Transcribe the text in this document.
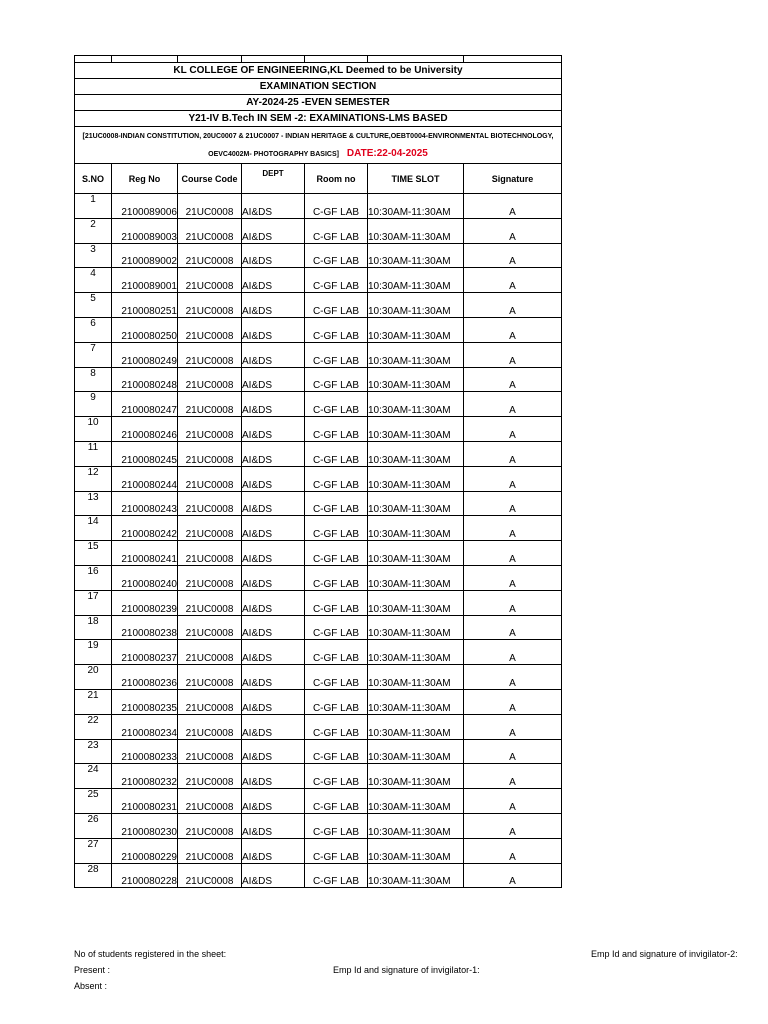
KL COLLEGE OF ENGINEERING,KL Deemed to be University						
EXAMINATION SECTION						
AY-2024-25 -EVEN SEMESTER						
Y21-IV B.Tech IN SEM -2: EXAMINATIONS-LMS BASED						
[21UC0008-INDIAN CONSTITUTION, 20UC0007 & 21UC0007 - INDIAN HERITAGE & CULTURE,OEBT0004-ENVIRONMENTAL BIOTECHNOLOGY,
OEVC4002M- PHOTOGRAPHY BASICS] DATE:22-04-2025						
S.NO	Reg No	Course Code	DEPT	Room no	TIME SLOT	Signature
1	2100089006	21UC0008	AI&DS	C-GF LAB	10:30AM-11:30AM	A
2	2100089003	21UC0008	AI&DS	C-GF LAB	10:30AM-11:30AM	A
3	2100089002	21UC0008	AI&DS	C-GF LAB	10:30AM-11:30AM	A
4	2100089001	21UC0008	AI&DS	C-GF LAB	10:30AM-11:30AM	A
5	2100080251	21UC0008	AI&DS	C-GF LAB	10:30AM-11:30AM	A
6	2100080250	21UC0008	AI&DS	C-GF LAB	10:30AM-11:30AM	A
7	2100080249	21UC0008	AI&DS	C-GF LAB	10:30AM-11:30AM	A
8	2100080248	21UC0008	AI&DS	C-GF LAB	10:30AM-11:30AM	A
9	2100080247	21UC0008	AI&DS	C-GF LAB	10:30AM-11:30AM	A
10	2100080246	21UC0008	AI&DS	C-GF LAB	10:30AM-11:30AM	A
11	2100080245	21UC0008	AI&DS	C-GF LAB	10:30AM-11:30AM	A
12	2100080244	21UC0008	AI&DS	C-GF LAB	10:30AM-11:30AM	A
13	2100080243	21UC0008	AI&DS	C-GF LAB	10:30AM-11:30AM	A
14	2100080242	21UC0008	AI&DS	C-GF LAB	10:30AM-11:30AM	A
15	2100080241	21UC0008	AI&DS	C-GF LAB	10:30AM-11:30AM	A
16	2100080240	21UC0008	AI&DS	C-GF LAB	10:30AM-11:30AM	A
17	2100080239	21UC0008	AI&DS	C-GF LAB	10:30AM-11:30AM	A
18	2100080238	21UC0008	AI&DS	C-GF LAB	10:30AM-11:30AM	A
19	2100080237	21UC0008	AI&DS	C-GF LAB	10:30AM-11:30AM	A
20	2100080236	21UC0008	AI&DS	C-GF LAB	10:30AM-11:30AM	A
21	2100080235	21UC0008	AI&DS	C-GF LAB	10:30AM-11:30AM	A
22	2100080234	21UC0008	AI&DS	C-GF LAB	10:30AM-11:30AM	A
23	2100080233	21UC0008	AI&DS	C-GF LAB	10:30AM-11:30AM	A
24	2100080232	21UC0008	AI&DS	C-GF LAB	10:30AM-11:30AM	A
25	2100080231	21UC0008	AI&DS	C-GF LAB	10:30AM-11:30AM	A
26	2100080230	21UC0008	AI&DS	C-GF LAB	10:30AM-11:30AM	A
27	2100080229	21UC0008	AI&DS	C-GF LAB	10:30AM-11:30AM	A
28	2100080228	21UC0008	AI&DS	C-GF LAB	10:30AM-11:30AM	A
No of students registered in the sheet:
Present :
Absent :
Emp Id and signature of invigilator-1:
Emp Id and signature of invigilator-2:
